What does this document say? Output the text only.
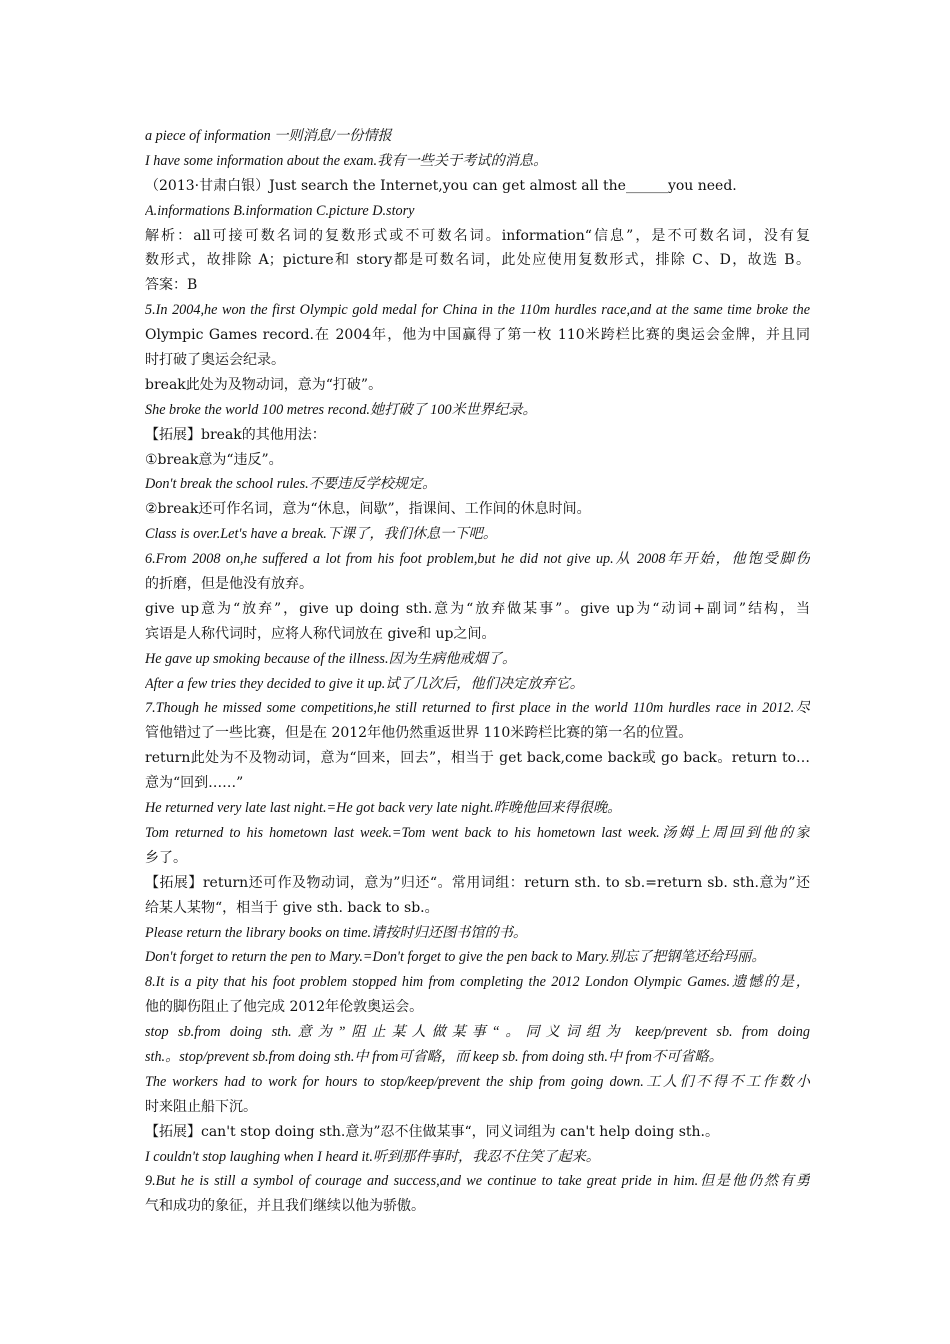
a piece of information 一则消息/一份情报
I have some information about the exam.我有一些关于考试的消息。
（2013·甘肃白银）Just search the Internet,you can get almost all the______you need.
A.informations B.information C.picture D.story
解析：all可接可数名词的复数形式或不可数名词。information“信息”，是不可数名词，没有复
数形式，故排除 A；picture和 story都是可数名词，此处应使用复数形式，排除 C、D，故选 B。
答案：B
5.In 2004,he won the first Olympic gold medal for China in the 110m hurdles race,and at the same time broke the
Olympic Games record.在 2004年，他为中国赢得了第一枚 110米跨栏比赛的奥运会金牌，并且同
时打破了奥运会纪录。
break此处为及物动词，意为“打破”。
She broke the world 100 metres recond.她打破了 100米世界纪录。
【拓展】break的其他用法：
①break意为“违反”。
Don't break the school rules.不要违反学校规定。
②break还可作名词，意为“休息，间歇”，指课间、工作间的休息时间。
Class is over.Let's have a break.下课了，我们休息一下吧。
6.From 2008 on,he suffered a lot from his foot problem,but he did not give up.从 2008年开始，他饱受脚伤
的折磨，但是他没有放弃。
give up意为“放弃”，give up doing sth.意为“放弃做某事”。give up为“动词+副词”结构，当
宾语是人称代词时，应将人称代词放在 give和 up之间。
He gave up smoking because of the illness.因为生病他戒烟了。
After a few tries they decided to give it up.试了几次后，他们决定放弃它。
7.Though he missed some competitions,he still returned to first place in the world 110m hurdles race in 2012.尽
管他错过了一些比赛，但是在 2012年他仍然重返世界 110米跨栏比赛的第一名的位置。
return此处为不及物动词，意为“回来，回去”，相当于 get back,come back或 go back。return to…
意为“回到……”
He returned very late last night.=He got back very late night.昨晚他回来得很晚。
Tom returned to his hometown last week.=Tom went back to his hometown last week.汤姆上周回到他的家
乡了。
【拓展】return还可作及物动词，意为”归还“。常用词组：return sth. to sb.=return sb. sth.意为”还
给某人某物“，相当于 give sth. back to sb.。
Please return the library books on time.请按时归还图书馆的书。
Don't forget to return the pen to Mary.=Don't forget to give the pen back to Mary.别忘了把钢笔还给玛丽。
8.It is a pity that his foot problem stopped him from completing the 2012 London Olympic Games.遗憾的是，
他的脚伤阻止了他完成 2012年伦敦奥运会。
stop sb.from doing sth.意为”阻止某人做某事“。同义词组为 keep/prevent sb. from doing
sth.。stop/prevent sb.from doing sth.中 from可省略，而 keep sb. from doing sth.中 from不可省略。
The workers had to work for hours to stop/keep/prevent the ship from going down.工人们不得不工作数小
时来阻止船下沉。
【拓展】can't stop doing sth.意为”忍不住做某事“，同义词组为 can't help doing sth.。
I couldn't stop laughing when I heard it.听到那件事时，我忍不住笑了起来。
9.But he is still a symbol of courage and success,and we continue to take great pride in him.但是他仍然有勇
气和成功的象征，并且我们继续以他为骄傲。
